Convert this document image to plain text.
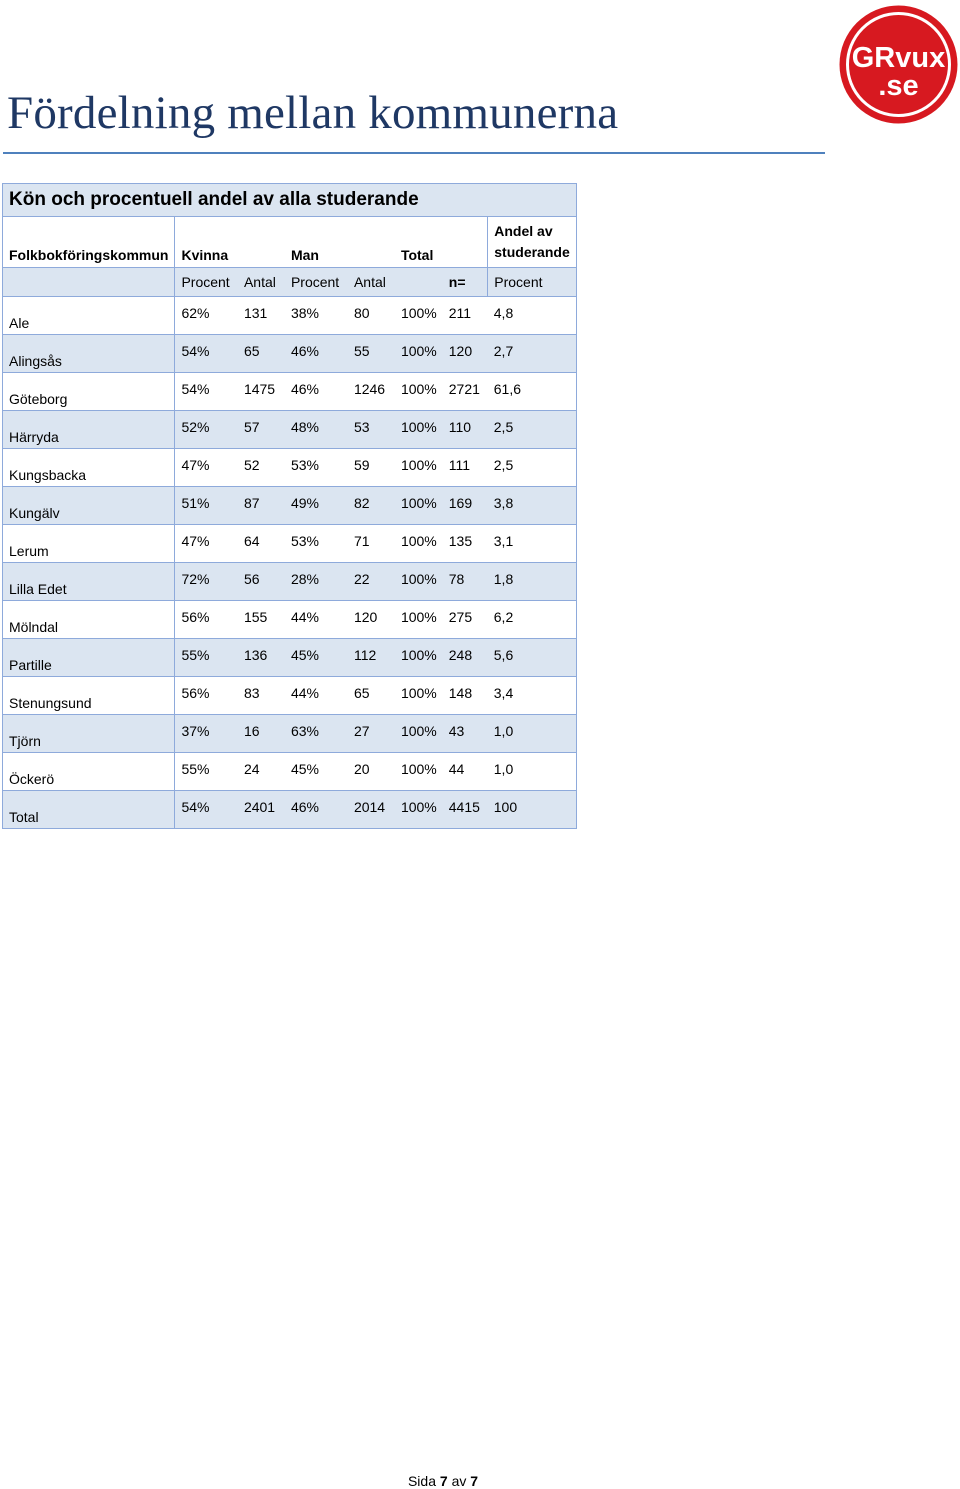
Fördelning mellan kommunerna
GRvux
.se
Kön och procentuell andel av alla studerande							
Folkbokföringskommun	Kvinna		Man		Total		Andel av
studerande
	Procent	Antal	Procent	Antal		n=	Procent
Ale	62%	131	38%	80	100%	211	4,8
Alingsås	54%	65	46%	55	100%	120	2,7
Göteborg	54%	1475	46%	1246	100%	2721	61,6
Härryda	52%	57	48%	53	100%	110	2,5
Kungsbacka	47%	52	53%	59	100%	111	2,5
Kungälv	51%	87	49%	82	100%	169	3,8
Lerum	47%	64	53%	71	100%	135	3,1
Lilla Edet	72%	56	28%	22	100%	78	1,8
Mölndal	56%	155	44%	120	100%	275	6,2
Partille	55%	136	45%	112	100%	248	5,6
Stenungsund	56%	83	44%	65	100%	148	3,4
Tjörn	37%	16	63%	27	100%	43	1,0
Öckerö	55%	24	45%	20	100%	44	1,0
Total	54%	2401	46%	2014	100%	4415	100
Sida 7 av 7
